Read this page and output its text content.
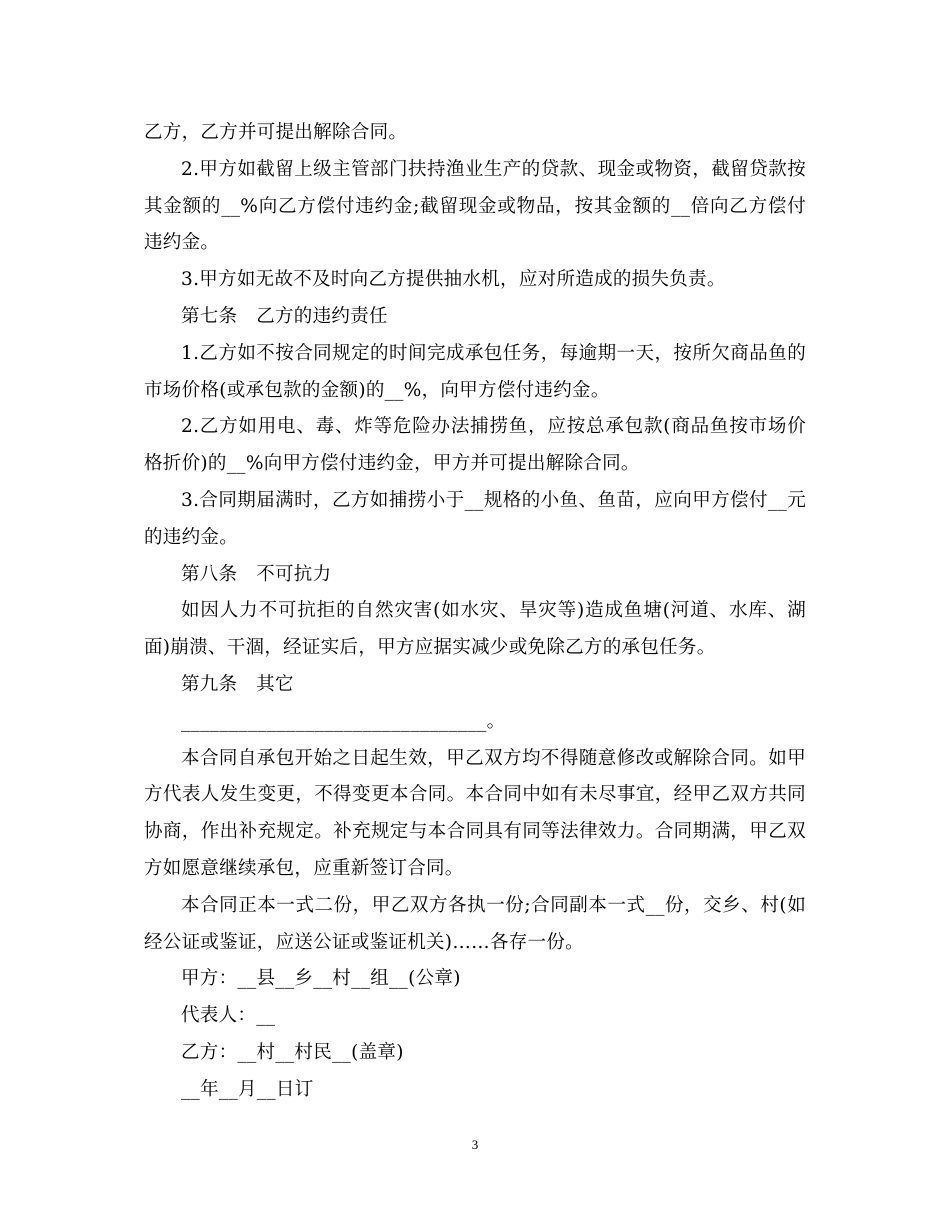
乙方，乙方并可提出解除合同。

2.甲方如截留上级主管部门扶持渔业生产的贷款、现金或物资，截留贷款按其金额的__%向乙方偿付违约金;截留现金或物品，按其金额的__倍向乙方偿付违约金。

3.甲方如无故不及时向乙方提供抽水机，应对所造成的损失负责。

第七条　乙方的违约责任

1.乙方如不按合同规定的时间完成承包任务，每逾期一天，按所欠商品鱼的市场价格(或承包款的金额)的__%，向甲方偿付违约金。

2.乙方如用电、毒、炸等危险办法捕捞鱼，应按总承包款(商品鱼按市场价格折价)的__%向甲方偿付违约金，甲方并可提出解除合同。

3.合同期届满时，乙方如捕捞小于__规格的小鱼、鱼苗，应向甲方偿付__元的违约金。

第八条　不可抗力

如因人力不可抗拒的自然灾害(如水灾、旱灾等)造成鱼塘(河道、水库、湖面)崩溃、干涸，经证实后，甲方应据实减少或免除乙方的承包任务。

第九条　其它

________________________________。

本合同自承包开始之日起生效，甲乙双方均不得随意修改或解除合同。如甲方代表人发生变更，不得变更本合同。本合同中如有未尽事宜，经甲乙双方共同协商，作出补充规定。补充规定与本合同具有同等法律效力。合同期满，甲乙双方如愿意继续承包，应重新签订合同。

本合同正本一式二份，甲乙双方各执一份;合同副本一式__份，交乡、村(如经公证或鉴证，应送公证或鉴证机关)……各存一份。

甲方：__县__乡__村__组__(公章)

代表人：__

乙方：__村__村民__(盖章)

__年__月__日订

3
